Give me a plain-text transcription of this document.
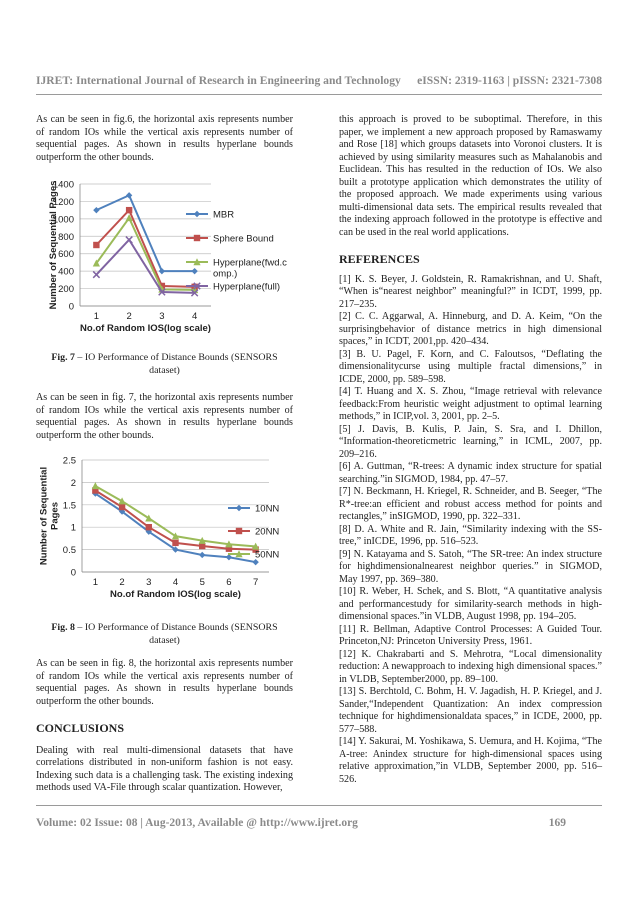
IJRET: International Journal of Research in Engineering and Technology eISSN: 2319-1163 | pISSN: 2321-7308

As can be seen in fig.6, the horizontal axis represents number of random IOs while the vertical axis represents number of sequential pages. As shown in results hyperlane bounds outperform the other bounds.

0
200
400
600
800
1000
1200
1400
1	2	3	4
No.of Random IOS(log scale)
Number of Sequential Pages	MBR
Sphere Bound
Hyperplane(fwd.c omp.)
Hyperplane(full)
Fig. 7 – IO Performance of Distance Bounds (SENSORS dataset)

As can be seen in fig. 7, the horizontal axis represents number of random IOs while the vertical axis represents number of sequential pages. As shown in results hyperlane bounds outperform the other bounds.

0
0.5
1
1.5
2
2.5
1 2 3 4 5 6 7
No.of Random IOS(log scale)
Number of SequentialPages	10NN
20NN
50NN
Fig. 8 – IO Performance of Distance Bounds (SENSORS dataset)

As can be seen in fig. 8, the horizontal axis represents number of random IOs while the vertical axis represents number of sequential pages. As shown in results hyperlane bounds outperform the other bounds.

CONCLUSIONS

Dealing with real multi-dimensional datasets that have correlations distributed in non-uniform fashion is not easy. Indexing such data is a challenging task. The existing indexing methods used VA-File through scalar quantization. However,

this approach is proved to be suboptimal. Therefore, in this paper, we implement a new approach proposed by Ramaswamy and Rose [18] which groups datasets into Voronoi clusters. It is achieved by using similarity measures such as Mahalanobis and Euclidean. This has resulted in the reduction of IOs. We also built a prototype application which demonstrates the utility of the proposed approach. We made experiments using various multi-dimensional data sets. The empirical results revealed that the indexing approach followed in the prototype is effective and can be used in the real world applications.

REFERENCES

[1] K. S. Beyer, J. Goldstein, R. Ramakrishnan, and U. Shaft, “When is“nearest neighbor” meaningful?” in ICDT, 1999, pp. 217–235.

[2] C. C. Aggarwal, A. Hinneburg, and D. A. Keim, “On the surprisingbehavior of distance metrics in high dimensional spaces,” in ICDT, 2001,pp. 420–434.

[3] B. U. Pagel, F. Korn, and C. Faloutsos, “Deflating the dimensionalitycurse using multiple fractal dimensions,” in ICDE, 2000, pp. 589–598.

[4] T. Huang and X. S. Zhou, “Image retrieval with relevance feedback:From heuristic weight adjustment to optimal learning methods,” in ICIP,vol. 3, 2001, pp. 2–5.

[5] J. Davis, B. Kulis, P. Jain, S. Sra, and I. Dhillon, “Information-theoreticmetric learning,” in ICML, 2007, pp. 209–216.

[6] A. Guttman, “R-trees: A dynamic index structure for spatial searching.”in SIGMOD, 1984, pp. 47–57.

[7] N. Beckmann, H. Kriegel, R. Schneider, and B. Seeger, “The R*-tree:an efficient and robust access method for points and rectangles,” inSIGMOD, 1990, pp. 322–331.

[8] D. A. White and R. Jain, “Similarity indexing with the SS-tree,” inICDE, 1996, pp. 516–523.

[9] N. Katayama and S. Satoh, “The SR-tree: An index structure for highdimensionalnearest neighbor queries.” in SIGMOD, May 1997, pp. 369–380.

[10] R. Weber, H. Schek, and S. Blott, “A quantitative analysis and performancestudy for similarity-search methods in high-dimensional spaces.”in VLDB, August 1998, pp. 194–205.

[11] R. Bellman, Adaptive Control Processes: A Guided Tour. Princeton,NJ: Princeton University Press, 1961.

[12] K. Chakrabarti and S. Mehrotra, “Local dimensionality reduction: A newapproach to indexing high dimensional spaces.” in VLDB, September2000, pp. 89–100.

[13] S. Berchtold, C. Bohm, H. V. Jagadish, H. P. Kriegel, and J. Sander,“Independent Quantization: An index compression technique for highdimensionaldata spaces,” in ICDE, 2000, pp. 577–588.

[14] Y. Sakurai, M. Yoshikawa, S. Uemura, and H. Kojima, “The A-tree: Anindex structure for high-dimensional spaces using relative approximation,”in VLDB, September 2000, pp. 516–526.

Volume: 02 Issue: 08 | Aug-2013, Available @ http://www.ijret.org	169
